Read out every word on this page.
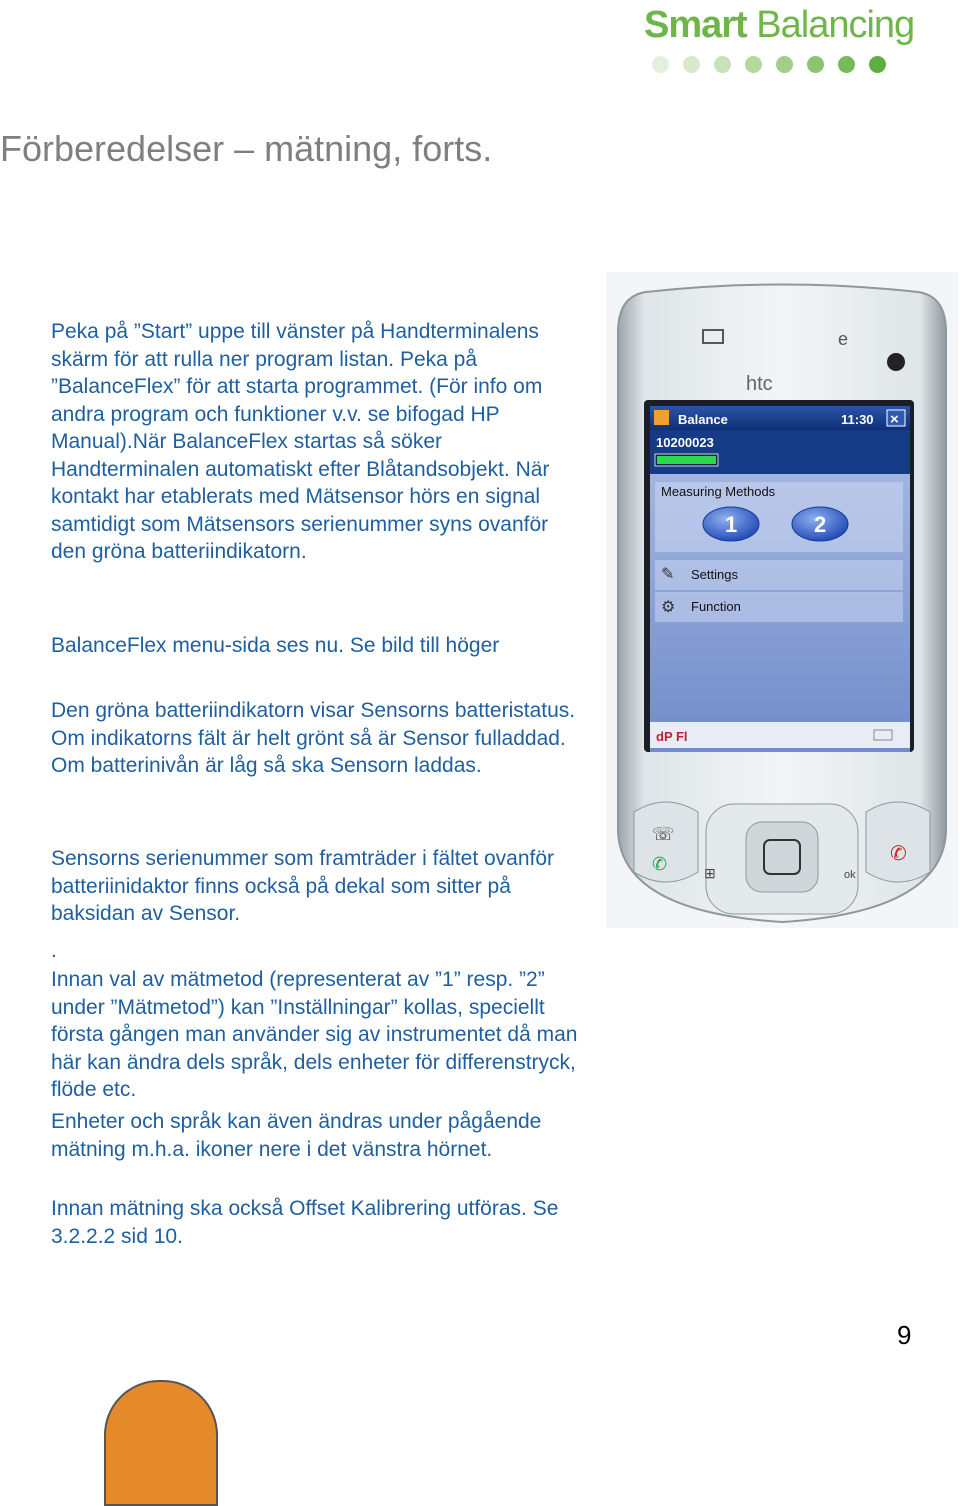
Smart Balancing
Förberedelser – mätning, forts.

Peka på ”Start” uppe till vänster på Handterminalens skärm för att rulla ner program listan. Peka på ”BalanceFlex” för att starta programmet. (För info om andra program och funktioner v.v. se bifogad HP Manual).När BalanceFlex startas så söker Handterminalen automatiskt efter Blåtandsobjekt. När kontakt har etablerats med Mätsensor hörs en signal samtidigt som Mätsensors serienummer syns ovanför den gröna batteriindikatorn.

BalanceFlex menu-sida ses nu. Se bild till höger

Den gröna batteriindikatorn visar Sensorns batteristatus. Om indikatorns fält är helt grönt så är Sensor fulladdad. Om batterinivån är låg så ska Sensorn laddas.

Sensorns serienummer som framträder i fältet ovanför batteriinidaktor finns också på dekal som sitter på baksidan av Sensor.

.

Innan val av mätmetod (representerat av ”1” resp. ”2” under ”Mätmetod”) kan ”Inställningar” kollas, speciellt första gången man använder sig av instrumentet då man här kan ändra dels språk, dels enheter för differenstryck, flöde etc.

Enheter och språk kan även ändras under pågående mätning m.h.a. ikoner nere i det vänstra hörnet.

Innan mätning ska också Offset Kalibrering utföras. Se 3.2.2.2 sid 10.

e
htc
Balance	11:30 ×
10200023
Measuring Methods
1	2
✎ Settings
⚙ Function
dP Fl
☏
✆	⊞	ok
✆
9
